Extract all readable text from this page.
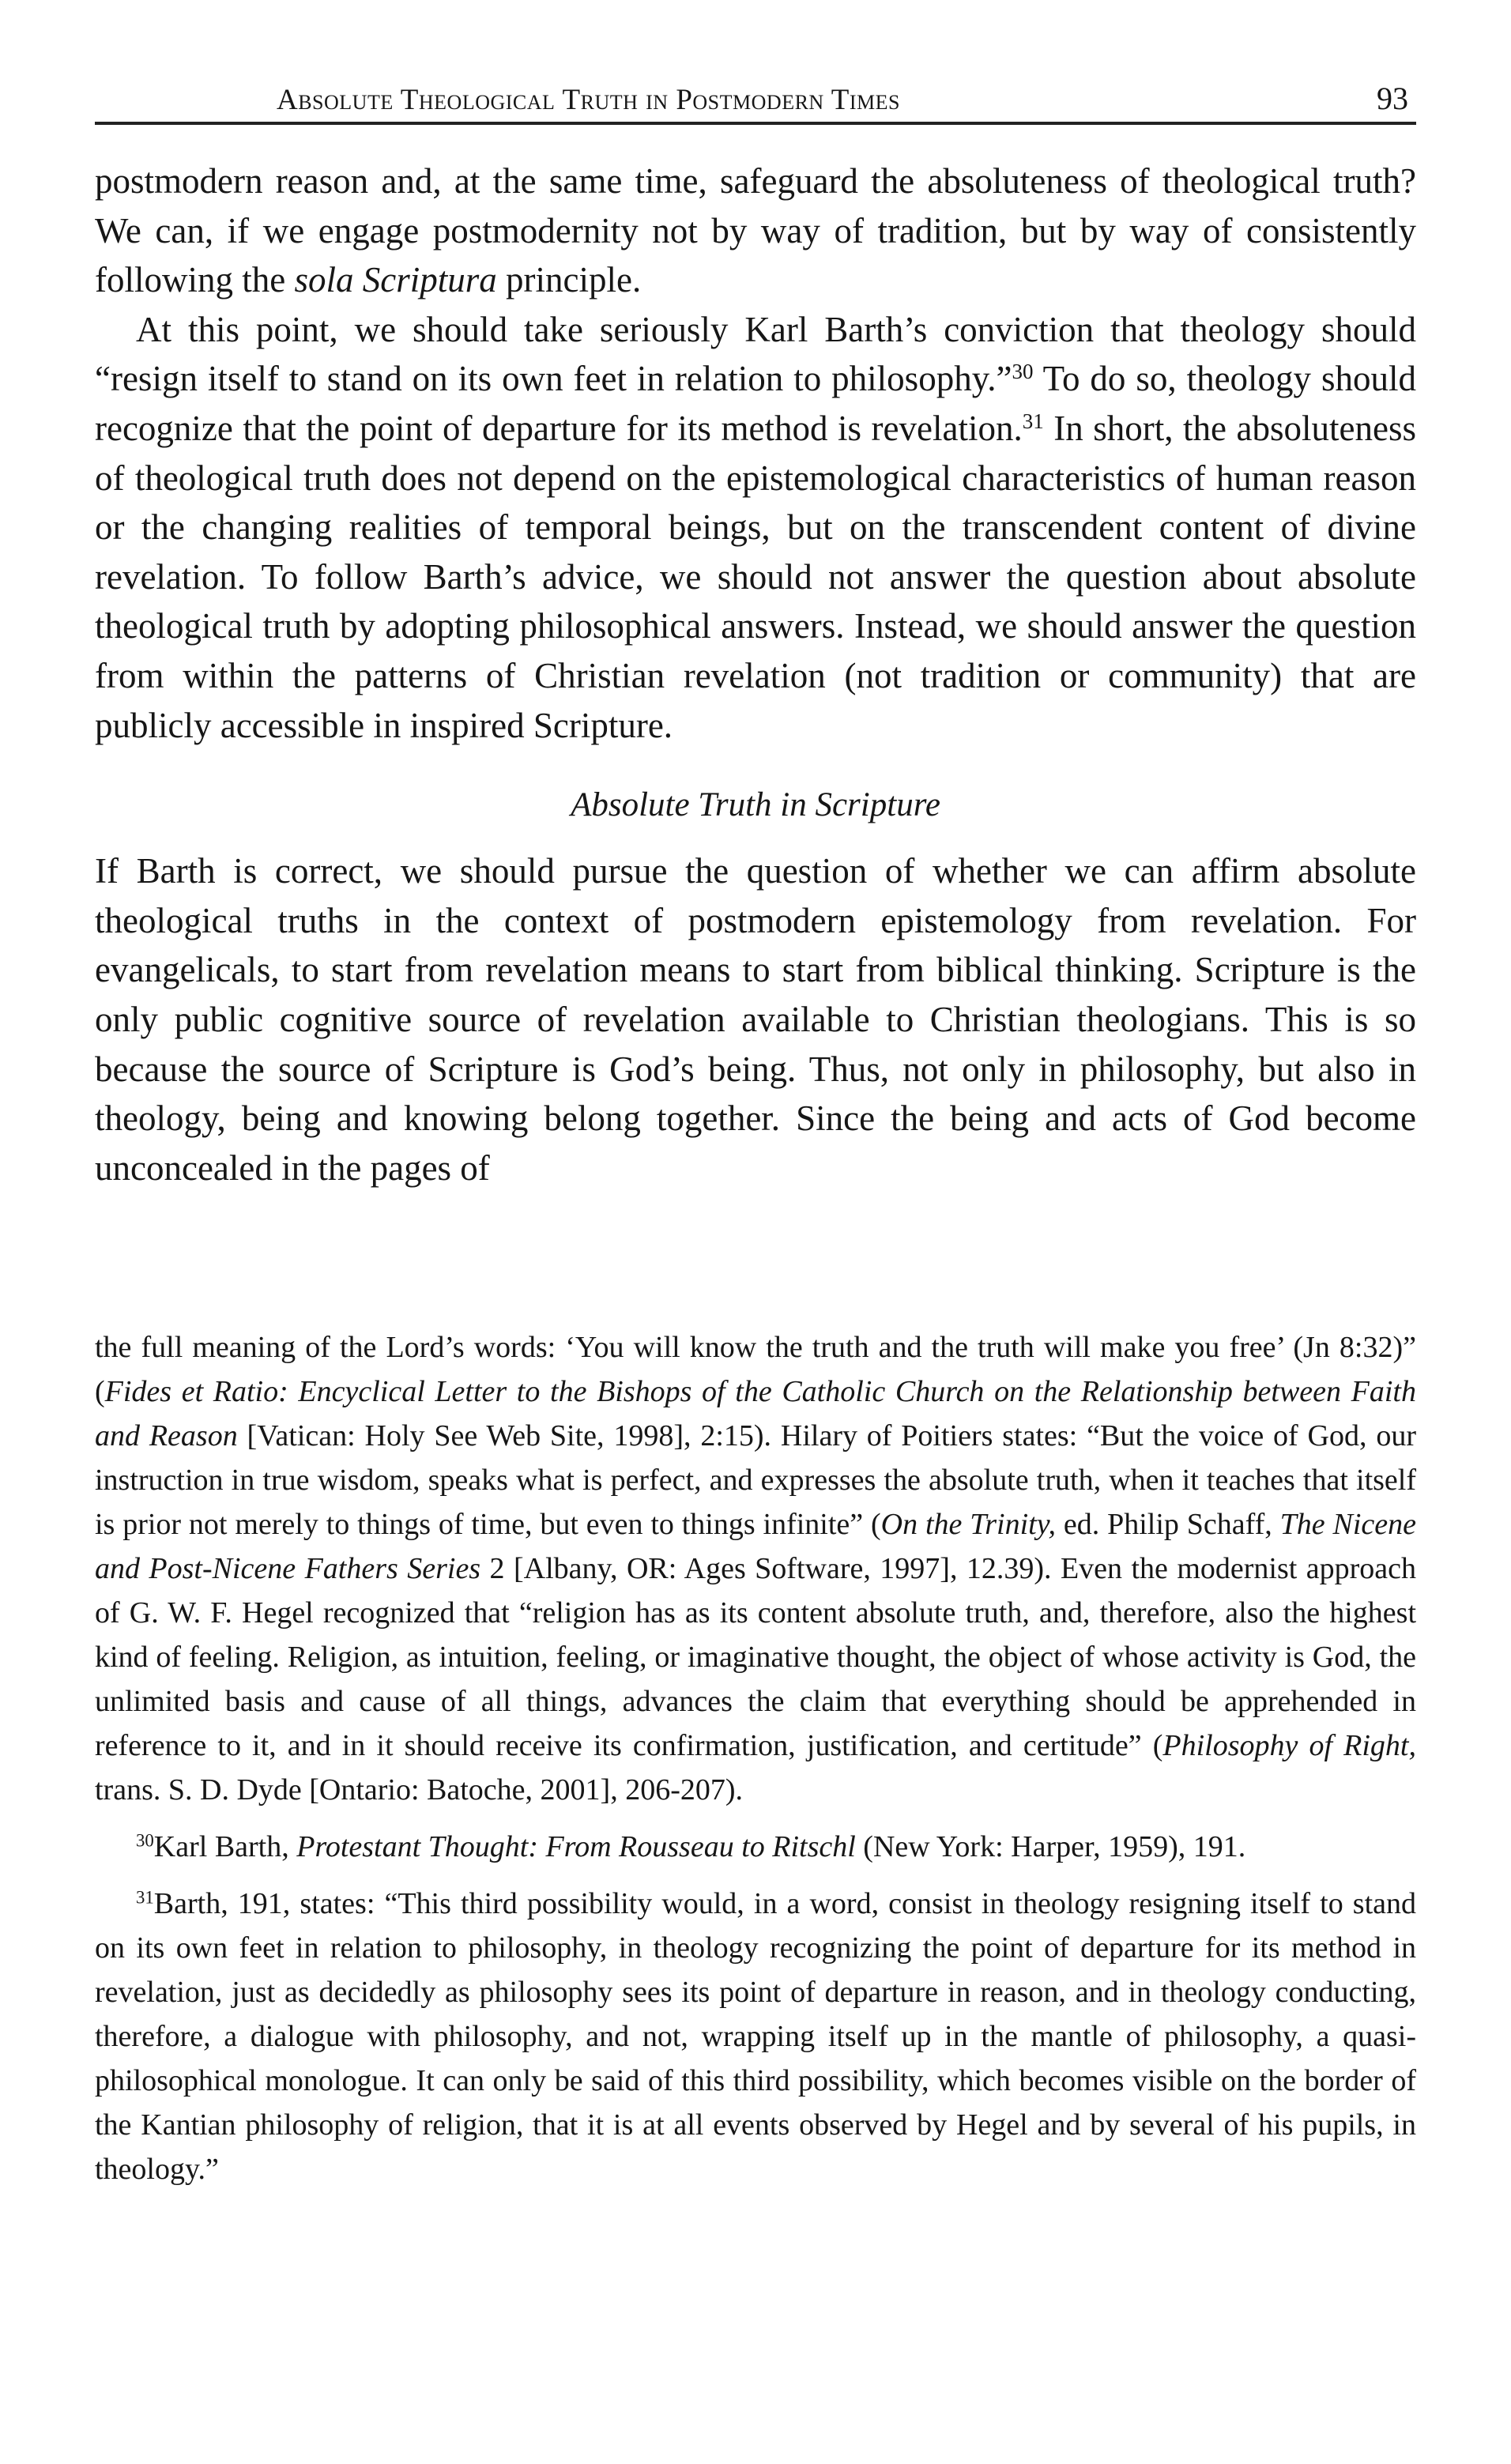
Absolute Theological Truth in Postmodern Times	93

postmodern reason and, at the same time, safeguard the absoluteness of theological truth? We can, if we engage postmodernity not by way of tradition, but by way of consistently following the sola Scriptura principle.

At this point, we should take seriously Karl Barth’s conviction that theology should “resign itself to stand on its own feet in relation to philosophy.”$^{30}$ To do so, theology should recognize that the point of departure for its method is revelation.$^{31}$ In short, the absoluteness of theological truth does not depend on the epistemological characteristics of human reason or the changing realities of temporal beings, but on the transcendent content of divine revelation. To follow Barth’s advice, we should not answer the question about absolute theological truth by adopting philosophical answers. Instead, we should answer the question from within the patterns of Christian revelation (not tradition or community) that are publicly accessible in inspired Scripture.

Absolute Truth in Scripture

If Barth is correct, we should pursue the question of whether we can affirm absolute theological truths in the context of postmodern epistemology from revelation. For evangelicals, to start from revelation means to start from biblical thinking. Scripture is the only public cognitive source of revelation available to Christian theologians. This is so because the source of Scripture is God’s being. Thus, not only in philosophy, but also in theology, being and knowing belong together. Since the being and acts of God become unconcealed in the pages of

the full meaning of the Lord’s words: ‘You will know the truth and the truth will make you free’ (Jn 8:32)” (Fides et Ratio: Encyclical Letter to the Bishops of the Catholic Church on the Relationship between Faith and Reason [Vatican: Holy See Web Site, 1998], 2:15). Hilary of Poitiers states: “But the voice of God, our instruction in true wisdom, speaks what is perfect, and expresses the absolute truth, when it teaches that itself is prior not merely to things of time, but even to things infinite” (On the Trinity, ed. Philip Schaff, The Nicene and Post-Nicene Fathers Series 2 [Albany, OR: Ages Software, 1997], 12.39). Even the modernist approach of G. W. F. Hegel recognized that “religion has as its content absolute truth, and, therefore, also the highest kind of feeling. Religion, as intuition, feeling, or imaginative thought, the object of whose activity is God, the unlimited basis and cause of all things, advances the claim that everything should be apprehended in reference to it, and in it should receive its confirmation, justification, and certitude” (Philosophy of Right, trans. S. D. Dyde [Ontario: Batoche, 2001], 206-207).

$^{30}$Karl Barth, Protestant Thought: From Rousseau to Ritschl (New York: Harper, 1959), 191.

$^{31}$Barth, 191, states: “This third possibility would, in a word, consist in theology resigning itself to stand on its own feet in relation to philosophy, in theology recognizing the point of departure for its method in revelation, just as decidedly as philosophy sees its point of departure in reason, and in theology conducting, therefore, a dialogue with philosophy, and not, wrapping itself up in the mantle of philosophy, a quasi-philosophical monologue. It can only be said of this third possibility, which becomes visible on the border of the Kantian philosophy of religion, that it is at all events observed by Hegel and by several of his pupils, in theology.”
